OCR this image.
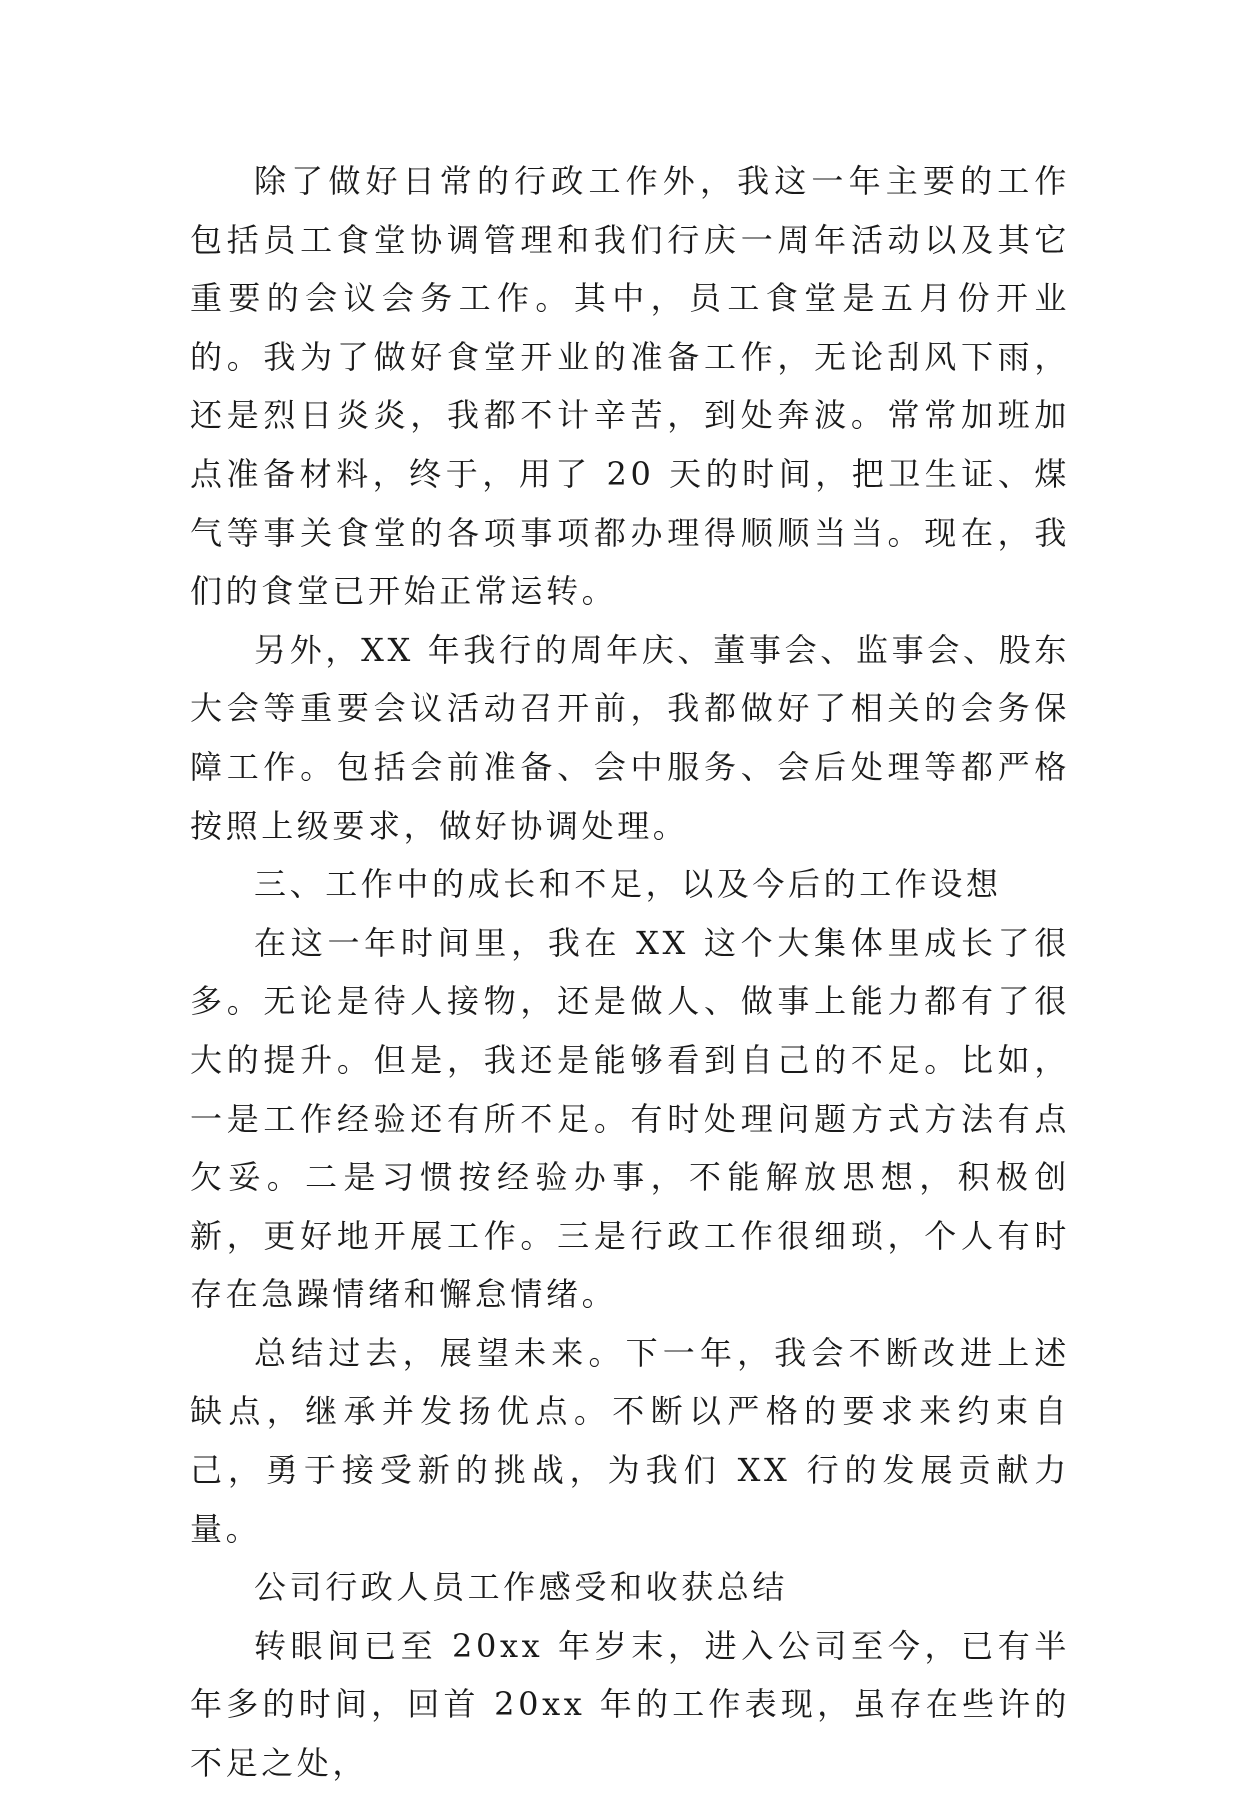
除了做好日常的行政工作外，我这一年主要的工作包括员工食堂协调管理和我们行庆一周年活动以及其它重要的会议会务工作。其中，员工食堂是五月份开业的。我为了做好食堂开业的准备工作，无论刮风下雨，还是烈日炎炎，我都不计辛苦，到处奔波。常常加班加点准备材料，终于，用了 20 天的时间，把卫生证、煤气等事关食堂的各项事项都办理得顺顺当当。现在，我们的食堂已开始正常运转。

另外，XX 年我行的周年庆、董事会、监事会、股东大会等重要会议活动召开前，我都做好了相关的会务保障工作。包括会前准备、会中服务、会后处理等都严格按照上级要求，做好协调处理。

三、工作中的成长和不足，以及今后的工作设想

在这一年时间里，我在 XX 这个大集体里成长了很多。无论是待人接物，还是做人、做事上能力都有了很大的提升。但是，我还是能够看到自己的不足。比如，一是工作经验还有所不足。有时处理问题方式方法有点欠妥。二是习惯按经验办事，不能解放思想，积极创新，更好地开展工作。三是行政工作很细琐，个人有时存在急躁情绪和懈怠情绪。

总结过去，展望未来。下一年，我会不断改进上述缺点，继承并发扬优点。不断以严格的要求来约束自己，勇于接受新的挑战，为我们 XX 行的发展贡献力量。

公司行政人员工作感受和收获总结

转眼间已至 20xx 年岁末，进入公司至今，已有半年多的时间，回首 20xx 年的工作表现，虽存在些许的不足之处，
